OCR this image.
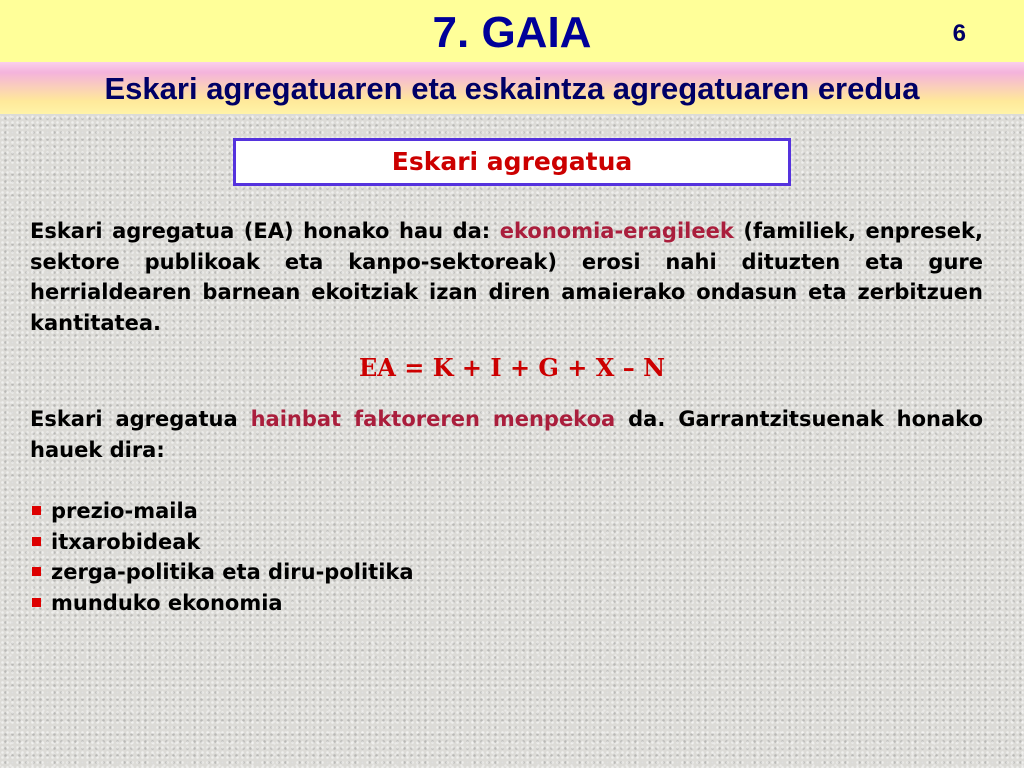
7. GAIA	6
Eskari agregatuaren eta eskaintza agregatuaren eredua
Eskari agregatua

Eskari agregatua (EA) honako hau da: ekonomia-eragileek (familiek, enpresek, sektore publikoak eta kanpo-sektoreak) erosi nahi dituzten eta gure herrialdearen barnean ekoitziak izan diren amaierako ondasun eta zerbitzuen kantitatea.

EA = K + I + G + X – N

Eskari agregatua hainbat faktoreren menpekoa da. Garrantzitsuenak honako hauek dira:

prezio-maila
itxarobideak
zerga-politika eta diru-politika
munduko ekonomia
